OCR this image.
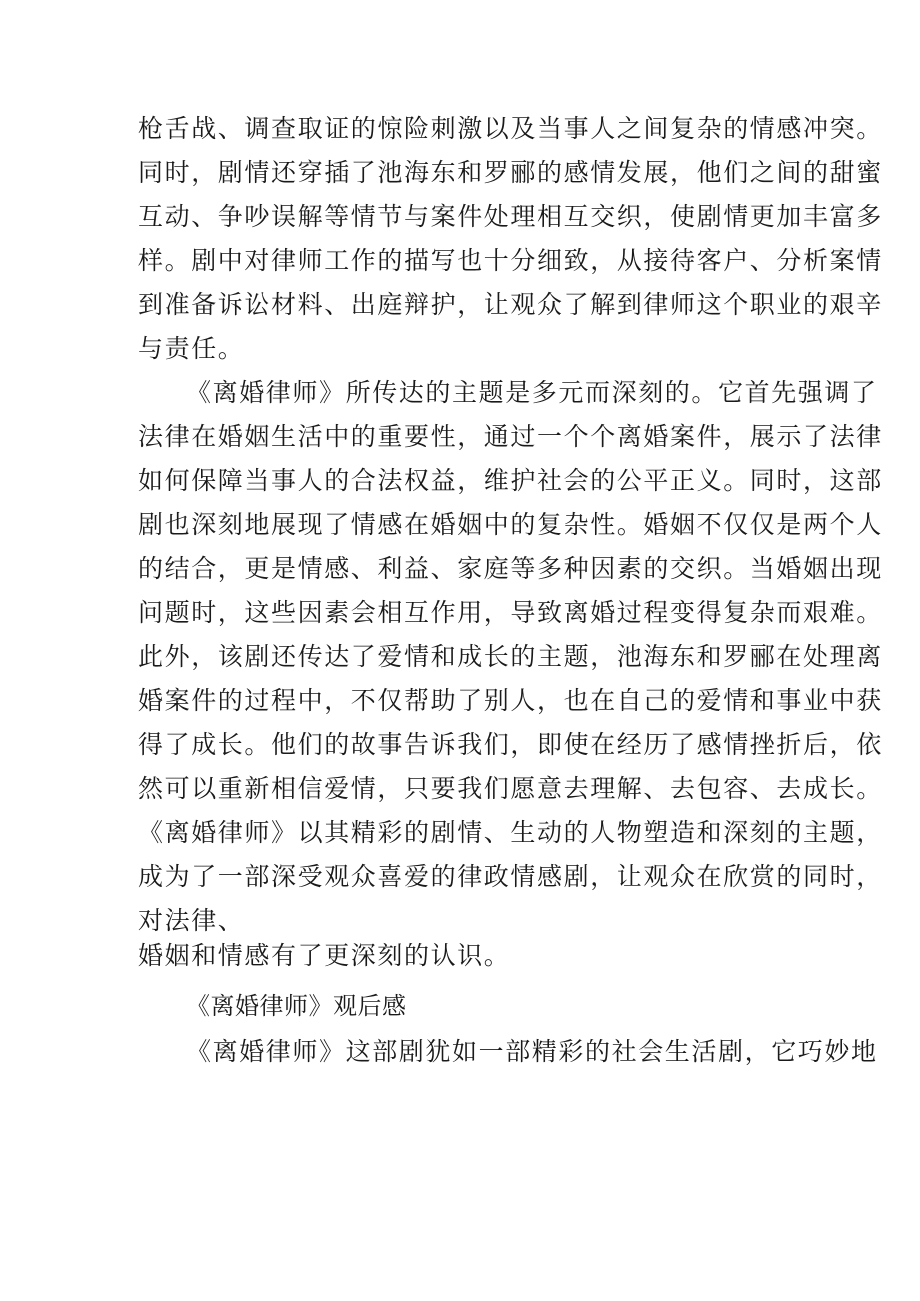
枪舌战、调查取证的惊险刺激以及当事人之间复杂的情感冲突。
同时，剧情还穿插了池海东和罗郦的感情发展，他们之间的甜蜜
互动、争吵误解等情节与案件处理相互交织，使剧情更加丰富多
样。剧中对律师工作的描写也十分细致，从接待客户、分析案情
到准备诉讼材料、出庭辩护，让观众了解到律师这个职业的艰辛
与责任。
《离婚律师》所传达的主题是多元而深刻的。它首先强调了
法律在婚姻生活中的重要性，通过一个个离婚案件，展示了法律
如何保障当事人的合法权益，维护社会的公平正义。同时，这部
剧也深刻地展现了情感在婚姻中的复杂性。婚姻不仅仅是两个人
的结合，更是情感、利益、家庭等多种因素的交织。当婚姻出现
问题时，这些因素会相互作用，导致离婚过程变得复杂而艰难。
此外，该剧还传达了爱情和成长的主题，池海东和罗郦在处理离
婚案件的过程中，不仅帮助了别人，也在自己的爱情和事业中获
得了成长。他们的故事告诉我们，即使在经历了感情挫折后，依
然可以重新相信爱情，只要我们愿意去理解、去包容、去成长。
《离婚律师》以其精彩的剧情、生动的人物塑造和深刻的主题，
成为了一部深受观众喜爱的律政情感剧，让观众在欣赏的同时，
对法律、
婚姻和情感有了更深刻的认识。
《离婚律师》观后感
《离婚律师》这部剧犹如一部精彩的社会生活剧，它巧妙地
